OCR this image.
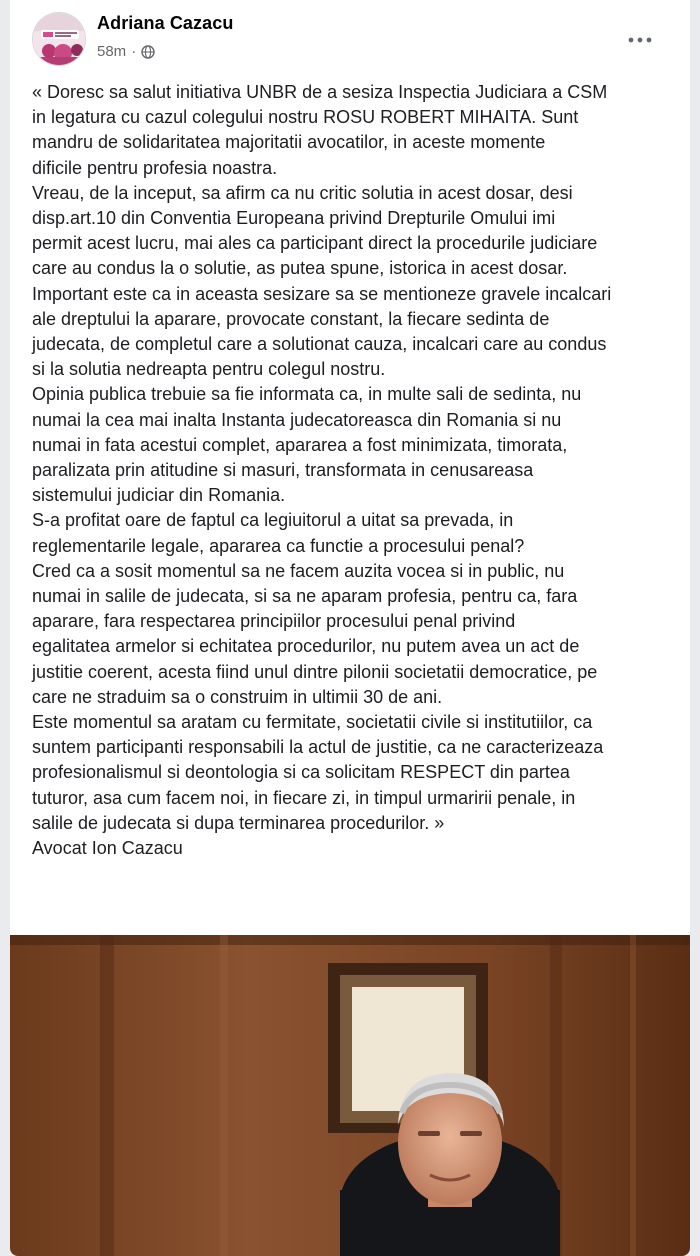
Adriana Cazacu
58m ·
« Doresc sa salut initiativa UNBR de a sesiza Inspectia Judiciara a CSM
in legatura cu cazul colegului nostru ROSU ROBERT MIHAITA. Sunt
mandru de solidaritatea majoritatii avocatilor, in aceste momente
dificile pentru profesia noastra.
Vreau, de la inceput, sa afirm ca nu critic solutia in acest dosar, desi
disp.art.10 din Conventia Europeana privind Drepturile Omului imi
permit acest lucru, mai ales ca participant direct la procedurile judiciare
care au condus la o solutie, as putea spune, istorica in acest dosar.
Important este ca in aceasta sesizare sa se mentioneze gravele incalcari
ale dreptului la aparare, provocate constant, la fiecare sedinta de
judecata, de completul care a solutionat cauza, incalcari care au condus
si la solutia nedreapta pentru colegul nostru.
Opinia publica trebuie sa fie informata ca, in multe sali de sedinta, nu
numai la cea mai inalta Instanta judecatoreasca din Romania si nu
numai in fata acestui complet, apararea a fost minimizata, timorata,
paralizata prin atitudine si masuri, transformata in cenusareasa
sistemului judiciar din Romania.
S-a profitat oare de faptul ca legiuitorul a uitat sa prevada, in
reglementarile legale, apararea ca functie a procesului penal?
Cred ca a sosit momentul sa ne facem auzita vocea si in public, nu
numai in salile de judecata, si sa ne aparam profesia, pentru ca, fara
aparare, fara respectarea principiilor procesului penal privind
egalitatea armelor si echitatea procedurilor, nu putem avea un act de
justitie coerent, acesta fiind unul dintre pilonii societatii democratice, pe
care ne straduim sa o construim in ultimii 30 de ani.
Este momentul sa aratam cu fermitate, societatii civile si institutiilor, ca
suntem participanti responsabili la actul de justitie, ca ne caracterizeaza
profesionalismul si deontologia si ca solicitam RESPECT din partea
tuturor, asa cum facem noi, in fiecare zi, in timpul urmaririi penale, in
salile de judecata si dupa terminarea procedurilor. »
Avocat Ion Cazacu
